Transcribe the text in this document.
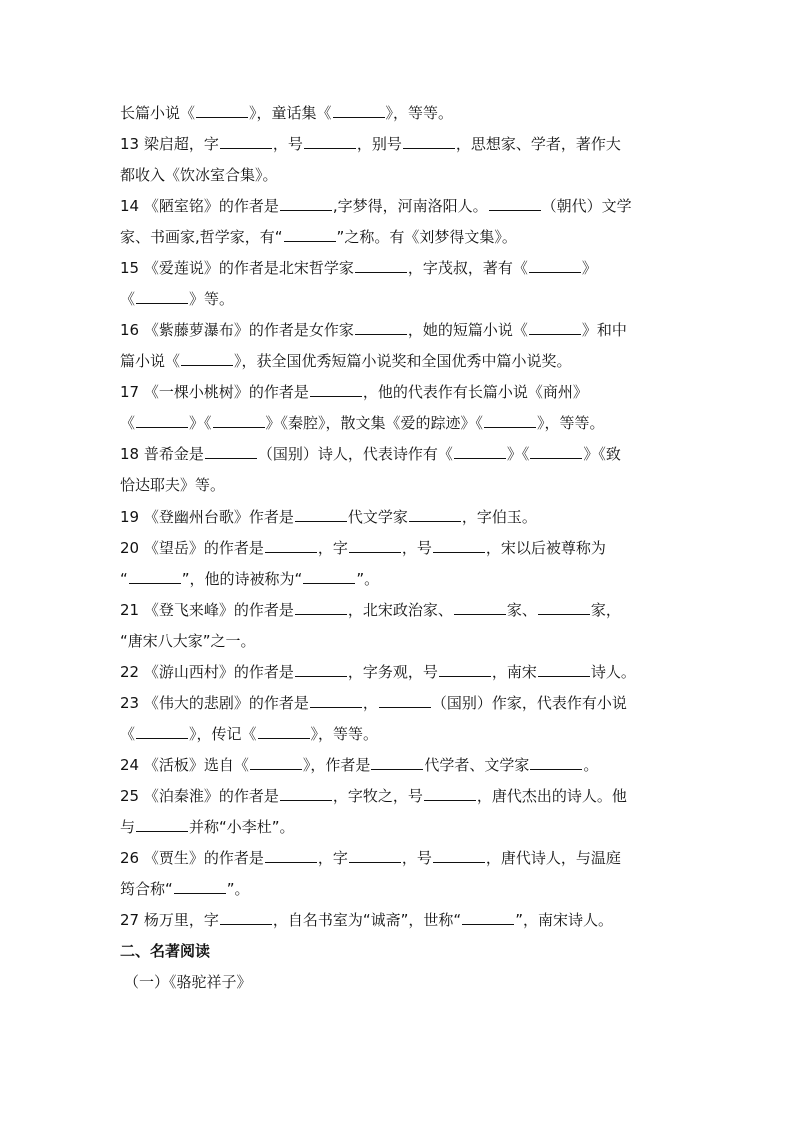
长篇小说《	》，童话集《	》，等等。
13 梁启超，字	，号	，别号	，思想家、学者，著作大
都收入《饮冰室合集》。
14 《陋室铭》的作者是	,字梦得，河南洛阳人。	（朝代）文学
家、书画家,哲学家，有“	”之称。有《刘梦得文集》。
15 《爱莲说》的作者是北宋哲学家	，字茂叔，著有《	》
《	》等。
16 《紫藤萝瀑布》的作者是女作家	，她的短篇小说《	》和中
篇小说《	》，获全国优秀短篇小说奖和全国优秀中篇小说奖。
17 《一棵小桃树》的作者是	，他的代表作有长篇小说《商州》
《	》《	》《秦腔》，散文集《爱的踪迹》《	》，等等。
18 普希金是	（国别）诗人，代表诗作有《	》《	》《致
恰达耶夫》等。
19 《登幽州台歌》作者是	代文学家	，字伯玉。
20 《望岳》的作者是	，字	，号	，宋以后被尊称为
“	”，他的诗被称为“	”。
21 《登飞来峰》的作者是	，北宋政治家、	家、	家，
“唐宋八大家”之一。
22 《游山西村》的作者是	，字务观，号	，南宋	诗人。
23 《伟大的悲剧》的作者是	，	（国别）作家，代表作有小说
《	》，传记《	》，等等。
24 《活板》选自《	》，作者是	代学者、文学家	。
25 《泊秦淮》的作者是	，字牧之，号	，唐代杰出的诗人。他
与	并称“小李杜”。
26 《贾生》的作者是	，字	，号	，唐代诗人，与温庭
筠合称“	”。
27 杨万里，字	，自名书室为“诚斋”，世称“	”，南宋诗人。
二、名著阅读
（一）《骆驼祥子》
